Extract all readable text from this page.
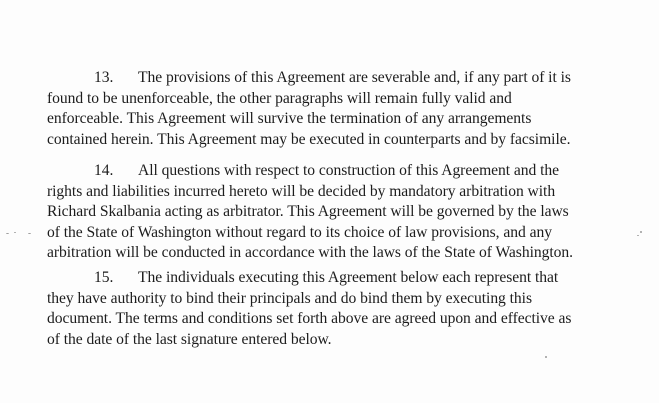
13. The provisions of this Agreement are severable and, if any part of it is
found to be unenforceable, the other paragraphs will remain fully valid and
enforceable. This Agreement will survive the termination of any arrangements
contained herein. This Agreement may be executed in counterparts and by facsimile.
14. All questions with respect to construction of this Agreement and the
rights and liabilities incurred hereto will be decided by mandatory arbitration with
Richard Skalbania acting as arbitrator. This Agreement will be governed by the laws
of the State of Washington without regard to its choice of law provisions, and any
arbitration will be conducted in accordance with the laws of the State of Washington.
15. The individuals executing this Agreement below each represent that
they have authority to bind their principals and do bind them by executing this
document. The terms and conditions set forth above are agreed upon and effective as
of the date of the last signature entered below.
